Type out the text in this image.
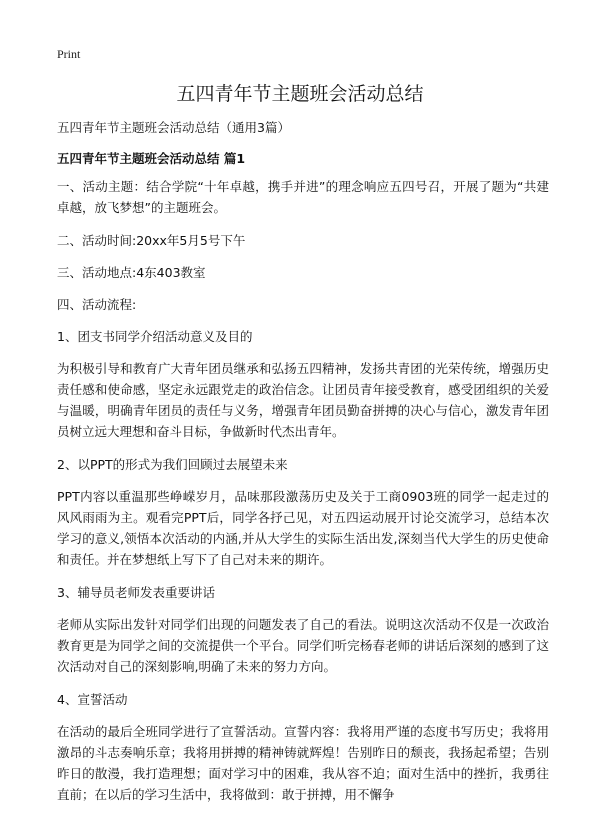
Print
五四青年节主题班会活动总结
五四青年节主题班会活动总结（通用3篇）
五四青年节主题班会活动总结 篇1

一、活动主题：结合学院“十年卓越，携手并进”的理念响应五四号召，开展了题为“共建卓越，放飞梦想”的主题班会。

二、活动时间:20xx年5月5号下午

三、活动地点:4东403教室

四、活动流程:

1、团支书同学介绍活动意义及目的

为积极引导和教育广大青年团员继承和弘扬五四精神，发扬共青团的光荣传统，增强历史责任感和使命感，坚定永远跟党走的政治信念。让团员青年接受教育，感受团组织的关爱与温暖，明确青年团员的责任与义务，增强青年团员勤奋拼搏的决心与信心，激发青年团员树立远大理想和奋斗目标，争做新时代杰出青年。

2、以PPT的形式为我们回顾过去展望未来

PPT内容以重温那些峥嵘岁月，品味那段激荡历史及关于工商0903班的同学一起走过的风风雨雨为主。观看完PPT后，同学各抒己见，对五四运动展开讨论交流学习，总结本次学习的意义,领悟本次活动的内涵,并从大学生的实际生活出发,深刻当代大学生的历史使命和责任。并在梦想纸上写下了自己对未来的期许。

3、辅导员老师发表重要讲话

老师从实际出发针对同学们出现的问题发表了自己的看法。说明这次活动不仅是一次政治教育更是为同学之间的交流提供一个平台。同学们听完杨春老师的讲话后深刻的感到了这次活动对自己的深刻影响,明确了未来的努力方向。

4、宣誓活动

在活动的最后全班同学进行了宣誓活动。宣誓内容：我将用严谨的态度书写历史；我将用激昂的斗志奏响乐章；我将用拼搏的精神铸就辉煌！告别昨日的颓丧，我扬起希望；告别昨日的散漫，我打造理想；面对学习中的困难，我从容不迫；面对生活中的挫折，我勇往直前；在以后的学习生活中，我将做到：敢于拼搏，用不懈争
